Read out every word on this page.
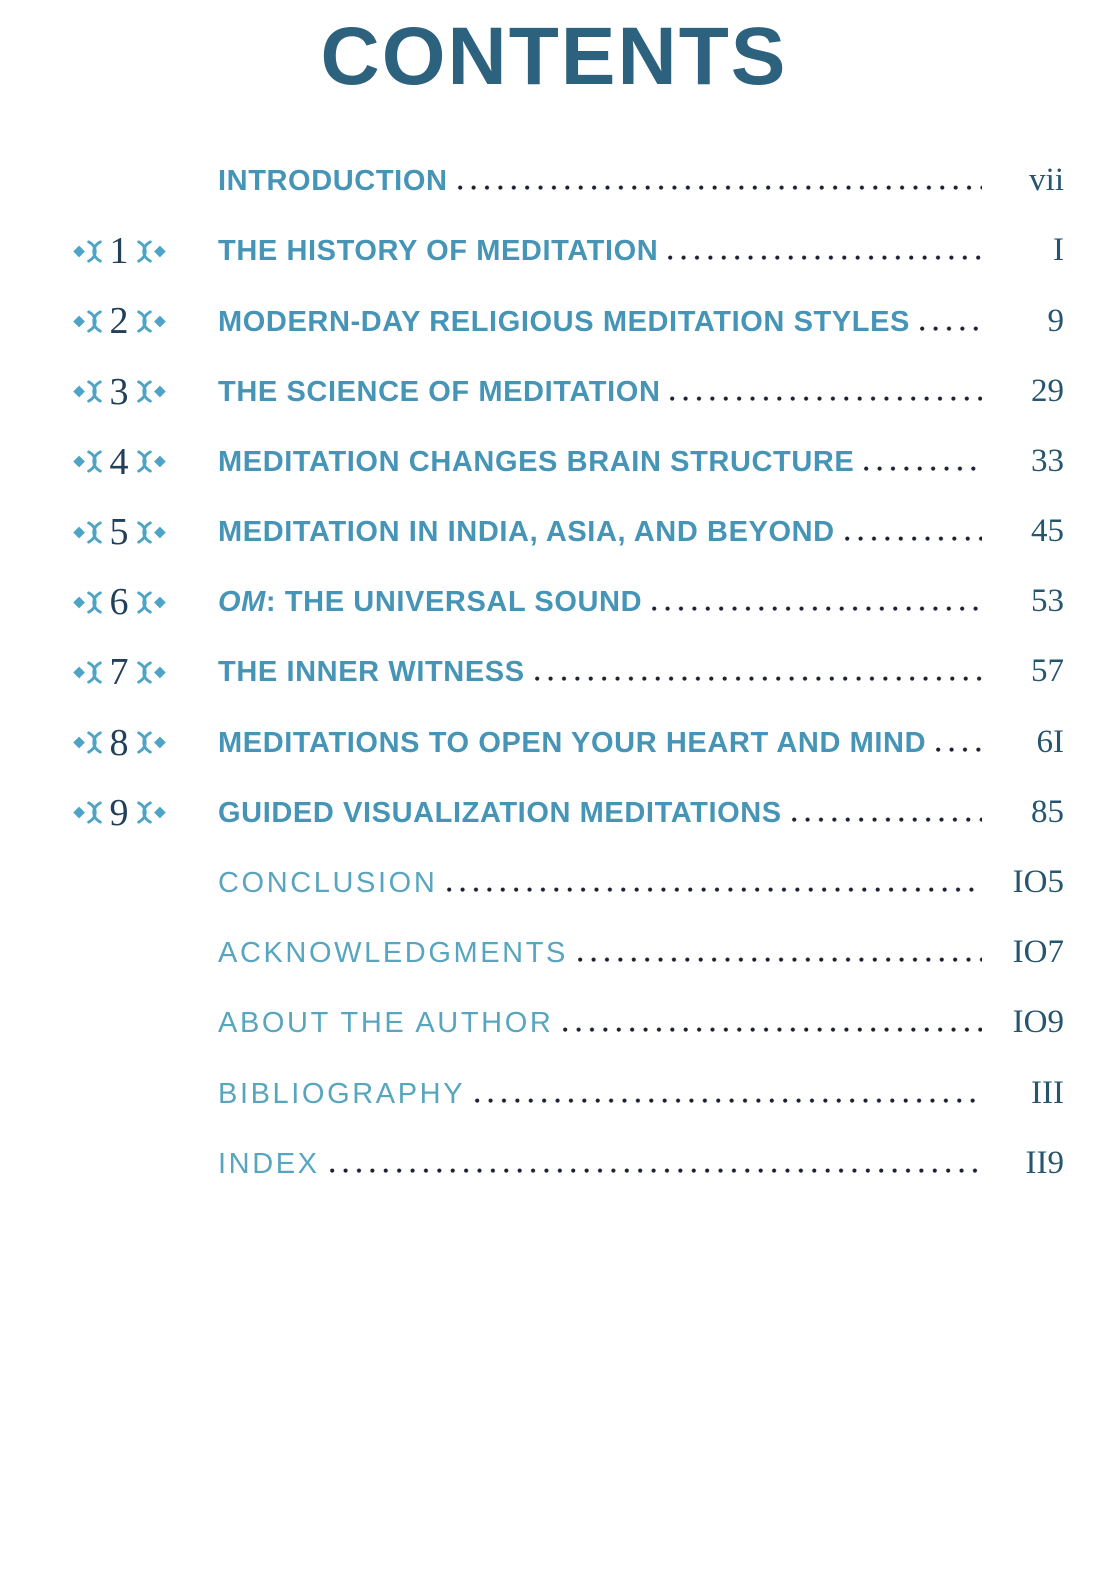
CONTENTS
INTRODUCTION	vii
1	THE HISTORY OF MEDITATION	I
2	MODERN-DAY RELIGIOUS MEDITATION STYLES	9
3	THE SCIENCE OF MEDITATION	29
4	MEDITATION CHANGES BRAIN STRUCTURE	33
5	MEDITATION IN INDIA, ASIA, AND BEYOND	45
6	OM: THE UNIVERSAL SOUND	53
7	THE INNER WITNESS	57
8	MEDITATIONS TO OPEN YOUR HEART AND MIND	6I
9	GUIDED VISUALIZATION MEDITATIONS	85
CONCLUSION	IO5
ACKNOWLEDGMENTS	IO7
ABOUT THE AUTHOR	IO9
BIBLIOGRAPHY	III
INDEX	II9
